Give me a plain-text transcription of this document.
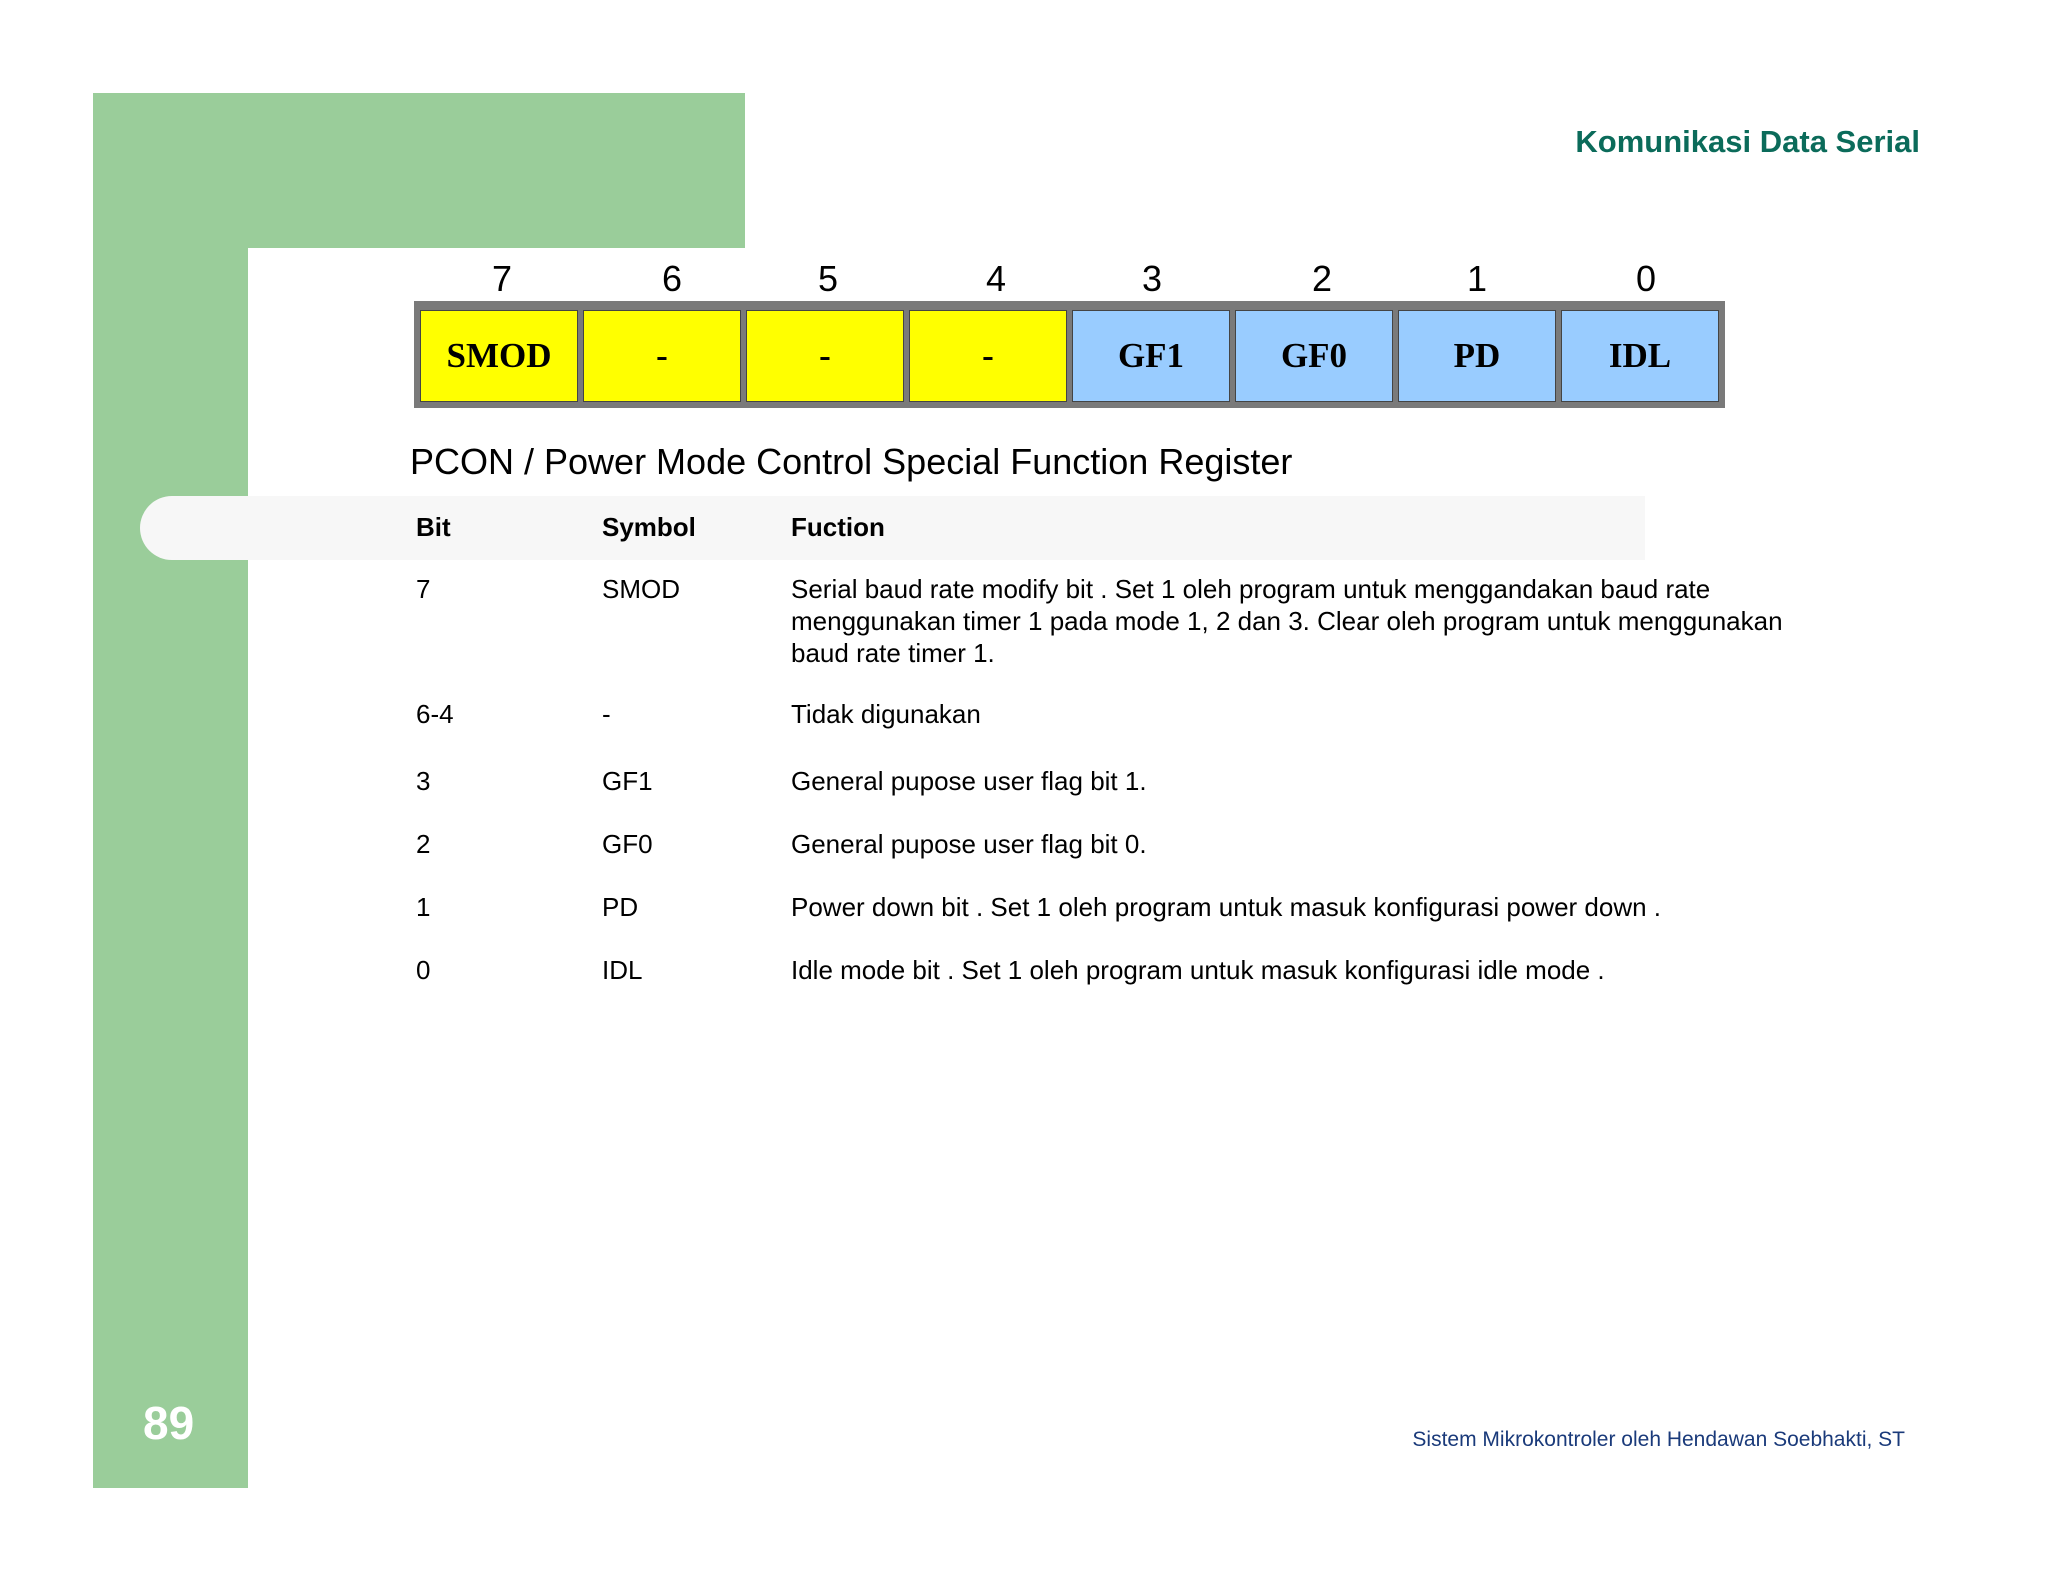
Komunikasi Data Serial
7	6	5	4	3	2	1	0
SMOD	-	-	-	GF1	GF0	PD	IDL
PCON / Power Mode Control Special Function Register
Bit	Symbol	Fuction
7	SMOD	Serial baud rate modify bit . Set 1 oleh program untuk menggandakan baud rate menggunakan timer 1 pada mode 1, 2 dan 3. Clear oleh program untuk menggunakan baud rate timer 1.
6-4	-	Tidak digunakan
3	GF1	General pupose user flag bit 1.
2	GF0	General pupose user flag bit 0.
1	PD	Power down bit . Set 1 oleh program untuk masuk konfigurasi power down .
0	IDL	Idle mode bit . Set 1 oleh program untuk masuk konfigurasi idle mode .
89	Sistem Mikrokontroler oleh Hendawan Soebhakti, ST
